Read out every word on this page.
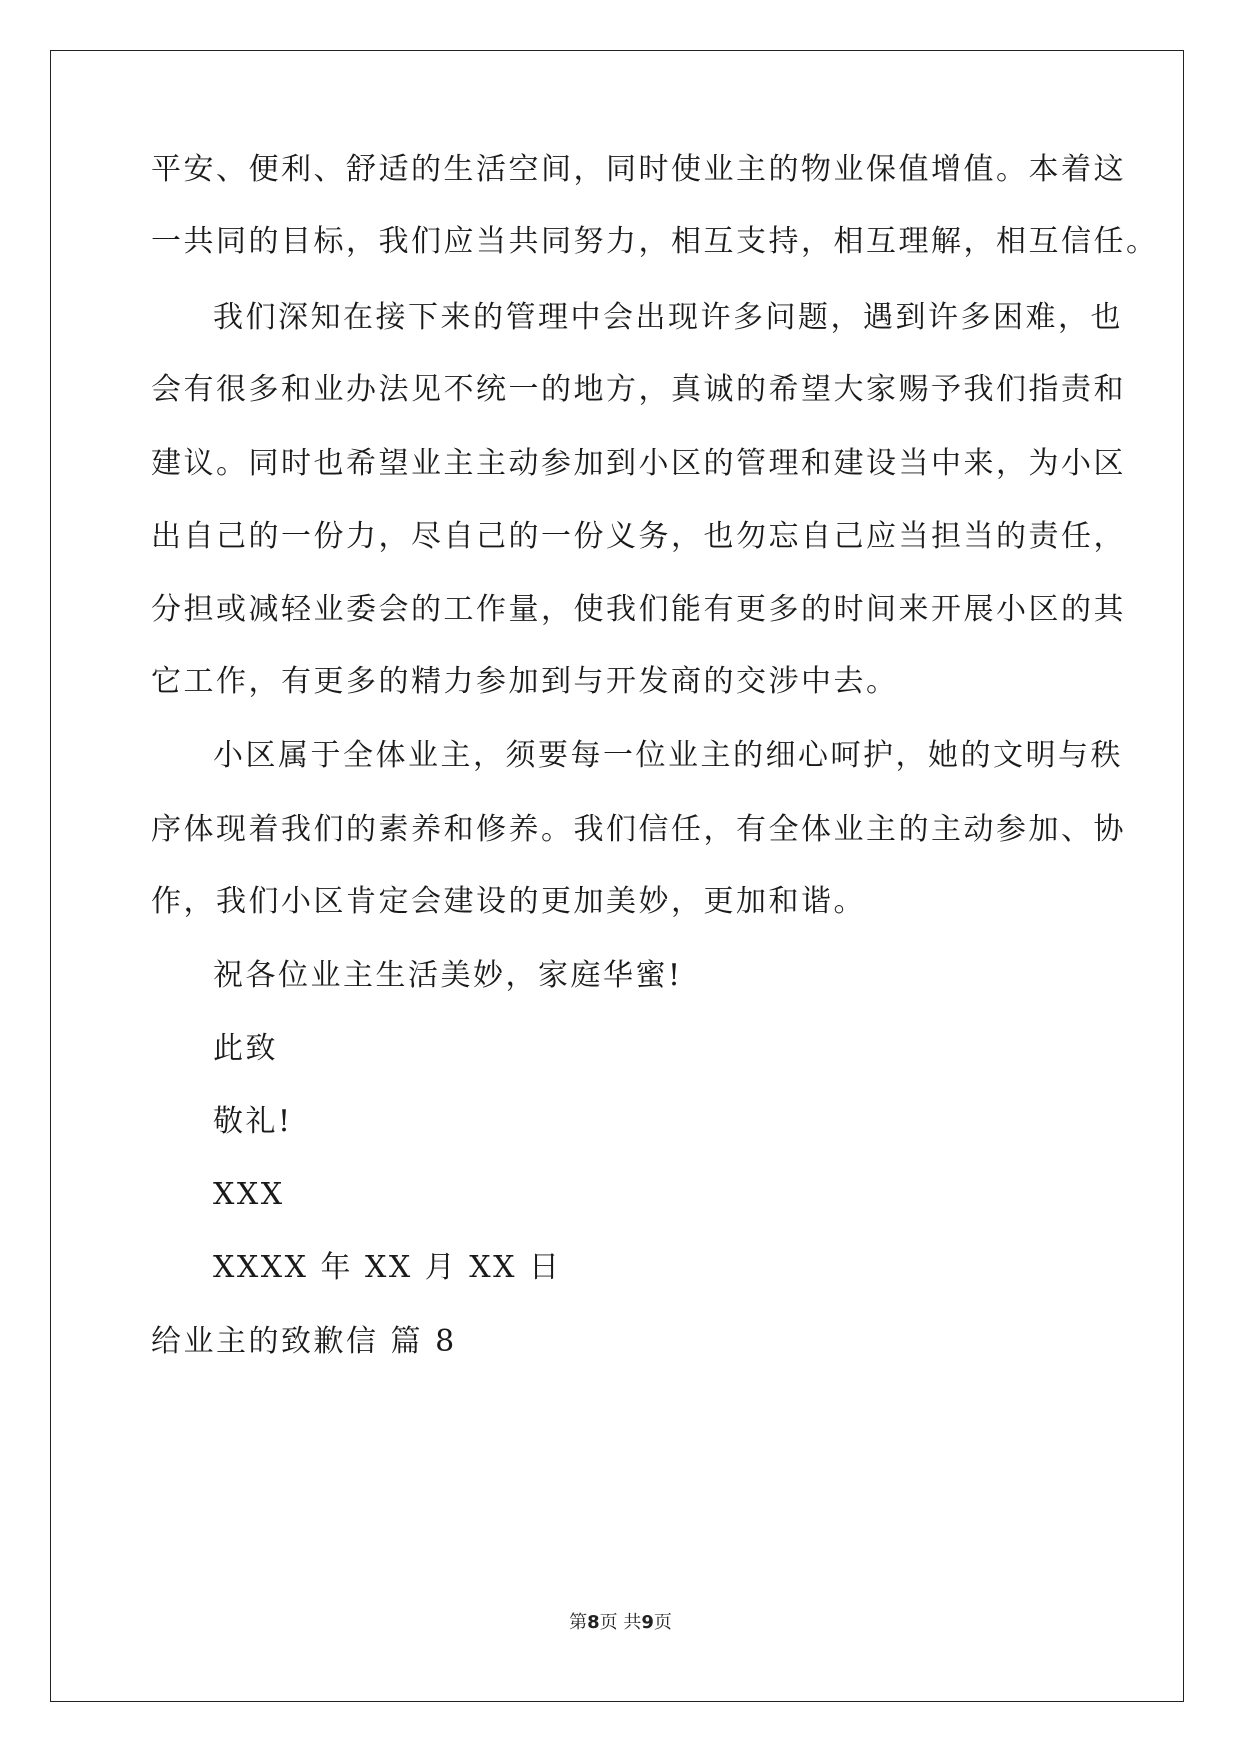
平安、便利、舒适的生活空间，同时使业主的物业保值增值。本着这
一共同的目标，我们应当共同努力，相互支持，相互理解，相互信任。
我们深知在接下来的管理中会出现许多问题，遇到许多困难，也
会有很多和业办法见不统一的地方，真诚的希望大家赐予我们指责和
建议。同时也希望业主主动参加到小区的管理和建设当中来，为小区
出自己的一份力，尽自己的一份义务，也勿忘自己应当担当的责任，
分担或减轻业委会的工作量，使我们能有更多的时间来开展小区的其
它工作，有更多的精力参加到与开发商的交涉中去。
小区属于全体业主，须要每一位业主的细心呵护，她的文明与秩
序体现着我们的素养和修养。我们信任，有全体业主的主动参加、协
作，我们小区肯定会建设的更加美妙，更加和谐。
祝各位业主生活美妙，家庭华蜜!
此致
敬礼!
XXX
XXXX 年 XX 月 XX 日
给业主的致歉信 篇 8
第8页 共9页
